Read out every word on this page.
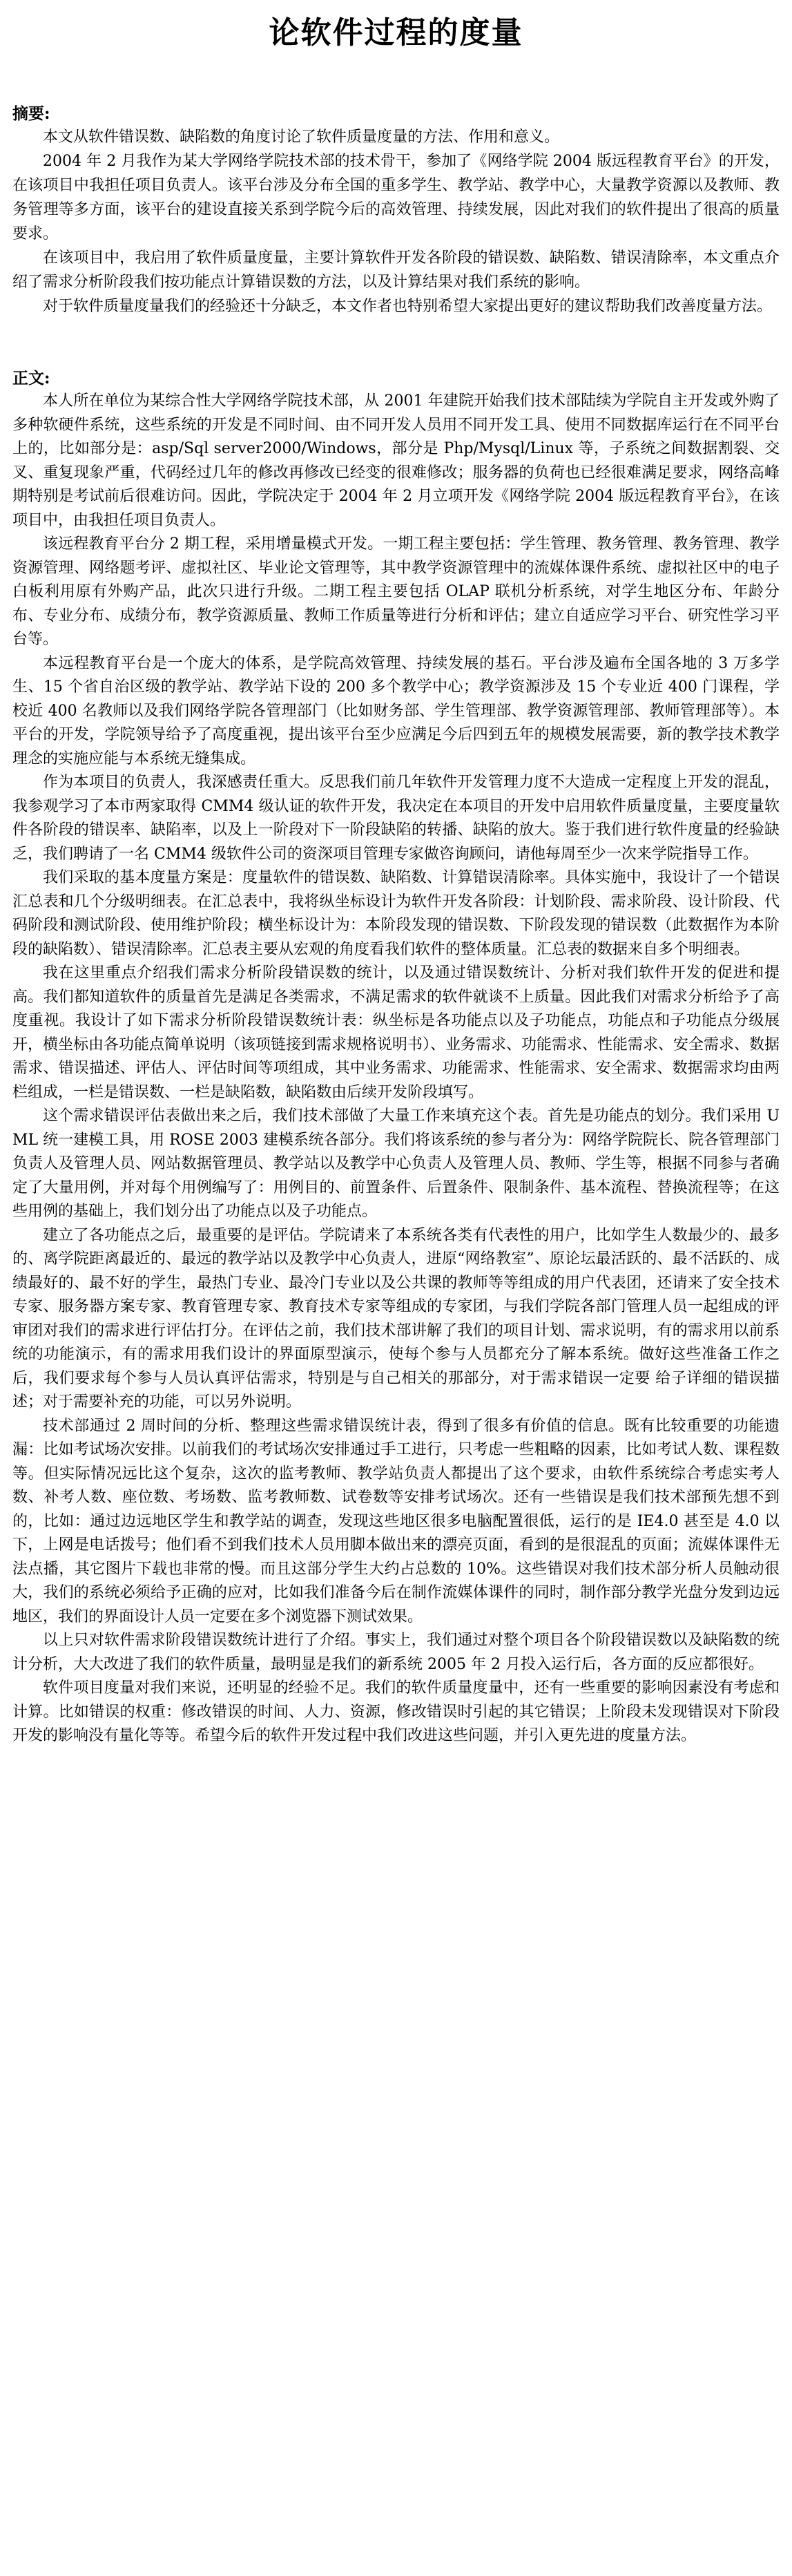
论软件过程的度量

摘要:

本文从软件错误数、缺陷数的角度讨论了软件质量度量的方法、作用和意义。

2004 年 2 月我作为某大学网络学院技术部的技术骨干，参加了《网络学院 2004 版远程教育平台》的开发，在该项目中我担任项目负责人。该平台涉及分布全国的重多学生、教学站、教学中心，大量教学资源以及教师、教务管理等多方面，该平台的建设直接关系到学院今后的高效管理、持续发展，因此对我们的软件提出了很高的质量要求。

在该项目中，我启用了软件质量度量，主要计算软件开发各阶段的错误数、缺陷数、错误清除率，本文重点介绍了需求分析阶段我们按功能点计算错误数的方法，以及计算结果对我们系统的影响。

对于软件质量度量我们的经验还十分缺乏，本文作者也特别希望大家提出更好的建议帮助我们改善度量方法。

正文:

本人所在单位为某综合性大学网络学院技术部，从 2001 年建院开始我们技术部陆续为学院自主开发或外购了多种软硬件系统，这些系统的开发是不同时间、由不同开发人员用不同开发工具、使用不同数据库运行在不同平台上的，比如部分是：asp/Sql server2000/Windows，部分是 Php/Mysql/Linux 等，子系统之间数据割裂、交叉、重复现象严重，代码经过几年的修改再修改已经变的很难修改；服务器的负荷也已经很难满足要求，网络高峰期特别是考试前后很难访问。因此，学院决定于 2004 年 2 月立项开发《网络学院 2004 版远程教育平台》，在该项目中，由我担任项目负责人。

该远程教育平台分 2 期工程，采用增量模式开发。一期工程主要包括：学生管理、教务管理、教务管理、教学资源管理、网络题考评、虚拟社区、毕业论文管理等，其中教学资源管理中的流媒体课件系统、虚拟社区中的电子白板利用原有外购产品，此次只进行升级。二期工程主要包括 OLAP 联机分析系统，对学生地区分布、年龄分布、专业分布、成绩分布，教学资源质量、教师工作质量等进行分析和评估；建立自适应学习平台、研究性学习平台等。

本远程教育平台是一个庞大的体系，是学院高效管理、持续发展的基石。平台涉及遍布全国各地的 3 万多学生、15 个省自治区级的教学站、教学站下设的 200 多个教学中心；教学资源涉及 15 个专业近 400 门课程，学校近 400 名教师以及我们网络学院各管理部门（比如财务部、学生管理部、教学资源管理部、教师管理部等）。本平台的开发，学院领导给予了高度重视，提出该平台至少应满足今后四到五年的规模发展需要，新的教学技术教学理念的实施应能与本系统无缝集成。

作为本项目的负责人，我深感责任重大。反思我们前几年软件开发管理力度不大造成一定程度上开发的混乱，我参观学习了本市两家取得 CMM4 级认证的软件开发，我决定在本项目的开发中启用软件质量度量，主要度量软件各阶段的错误率、缺陷率，以及上一阶段对下一阶段缺陷的转播、缺陷的放大。鉴于我们进行软件度量的经验缺乏，我们聘请了一名 CMM4 级软件公司的资深项目管理专家做咨询顾问，请他每周至少一次来学院指导工作。

我们采取的基本度量方案是：度量软件的错误数、缺陷数、计算错误清除率。具体实施中，我设计了一个错误汇总表和几个分级明细表。在汇总表中，我将纵坐标设计为软件开发各阶段：计划阶段、需求阶段、设计阶段、代码阶段和测试阶段、使用维护阶段；横坐标设计为：本阶段发现的错误数、下阶段发现的错误数（此数据作为本阶段的缺陷数）、错误清除率。汇总表主要从宏观的角度看我们软件的整体质量。汇总表的数据来自多个明细表。

我在这里重点介绍我们需求分析阶段错误数的统计，以及通过错误数统计、分析对我们软件开发的促进和提高。我们都知道软件的质量首先是满足各类需求，不满足需求的软件就谈不上质量。因此我们对需求分析给予了高度重视。我设计了如下需求分析阶段错误数统计表：纵坐标是各功能点以及子功能点，功能点和子功能点分级展开，横坐标由各功能点简单说明（该项链接到需求规格说明书）、业务需求、功能需求、性能需求、安全需求、数据需求、错误描述、评估人、评估时间等项组成，其中业务需求、功能需求、性能需求、安全需求、数据需求均由两栏组成，一栏是错误数、一栏是缺陷数，缺陷数由后续开发阶段填写。

这个需求错误评估表做出来之后，我们技术部做了大量工作来填充这个表。首先是功能点的划分。我们采用 UML 统一建模工具，用 ROSE 2003 建模系统各部分。我们将该系统的参与者分为：网络学院院长、院各管理部门负责人及管理人员、网站数据管理员、教学站以及教学中心负责人及管理人员、教师、学生等，根据不同参与者确定了大量用例，并对每个用例编写了：用例目的、前置条件、后置条件、限制条件、基本流程、替换流程等；在这些用例的基础上，我们划分出了功能点以及子功能点。

建立了各功能点之后，最重要的是评估。学院请来了本系统各类有代表性的用户，比如学生人数最少的、最多的、离学院距离最近的、最远的教学站以及教学中心负责人，进原“网络教室”、原论坛最活跃的、最不活跃的、成绩最好的、最不好的学生，最热门专业、最冷门专业以及公共课的教师等等组成的用户代表团，还请来了安全技术专家、服务器方案专家、教育管理专家、教育技术专家等组成的专家团，与我们学院各部门管理人员一起组成的评审团对我们的需求进行评估打分。在评估之前，我们技术部讲解了我们的项目计划、需求说明，有的需求用以前系统的功能演示，有的需求用我们设计的界面原型演示，使每个参与人员都充分了解本系统。做好这些准备工作之后，我们要求每个参与人员认真评估需求，特别是与自己相关的那部分，对于需求错误一定要 给子详细的错误描述；对于需要补充的功能，可以另外说明。

技术部通过 2 周时间的分析、整理这些需求错误统计表，得到了很多有价值的信息。既有比较重要的功能遗漏：比如考试场次安排。以前我们的考试场次安排通过手工进行，只考虑一些粗略的因素，比如考试人数、课程数等。但实际情况远比这个复杂，这次的监考教师、教学站负责人都提出了这个要求，由软件系统综合考虑实考人数、补考人数、座位数、考场数、监考教师数、试卷数等安排考试场次。还有一些错误是我们技术部预先想不到的，比如：通过边远地区学生和教学站的调查，发现这些地区很多电脑配置很低，运行的是 IE4.0 甚至是 4.0 以下，上网是电话拨号；他们看不到我们技术人员用脚本做出来的漂亮页面，看到的是很混乱的页面；流媒体课件无法点播，其它图片下载也非常的慢。而且这部分学生大约占总数的 10%。这些错误对我们技术部分析人员触动很大，我们的系统必须给予正确的应对，比如我们准备今后在制作流媒体课件的同时，制作部分教学光盘分发到边远地区，我们的界面设计人员一定要在多个浏览器下测试效果。

以上只对软件需求阶段错误数统计进行了介绍。事实上，我们通过对整个项目各个阶段错误数以及缺陷数的统计分析，大大改进了我们的软件质量，最明显是我们的新系统 2005 年 2 月投入运行后，各方面的反应都很好。

软件项目度量对我们来说，还明显的经验不足。我们的软件质量度量中，还有一些重要的影响因素没有考虑和计算。比如错误的权重：修改错误的时间、人力、资源，修改错误时引起的其它错误；上阶段未发现错误对下阶段开发的影响没有量化等等。希望今后的软件开发过程中我们改进这些问题，并引入更先进的度量方法。
